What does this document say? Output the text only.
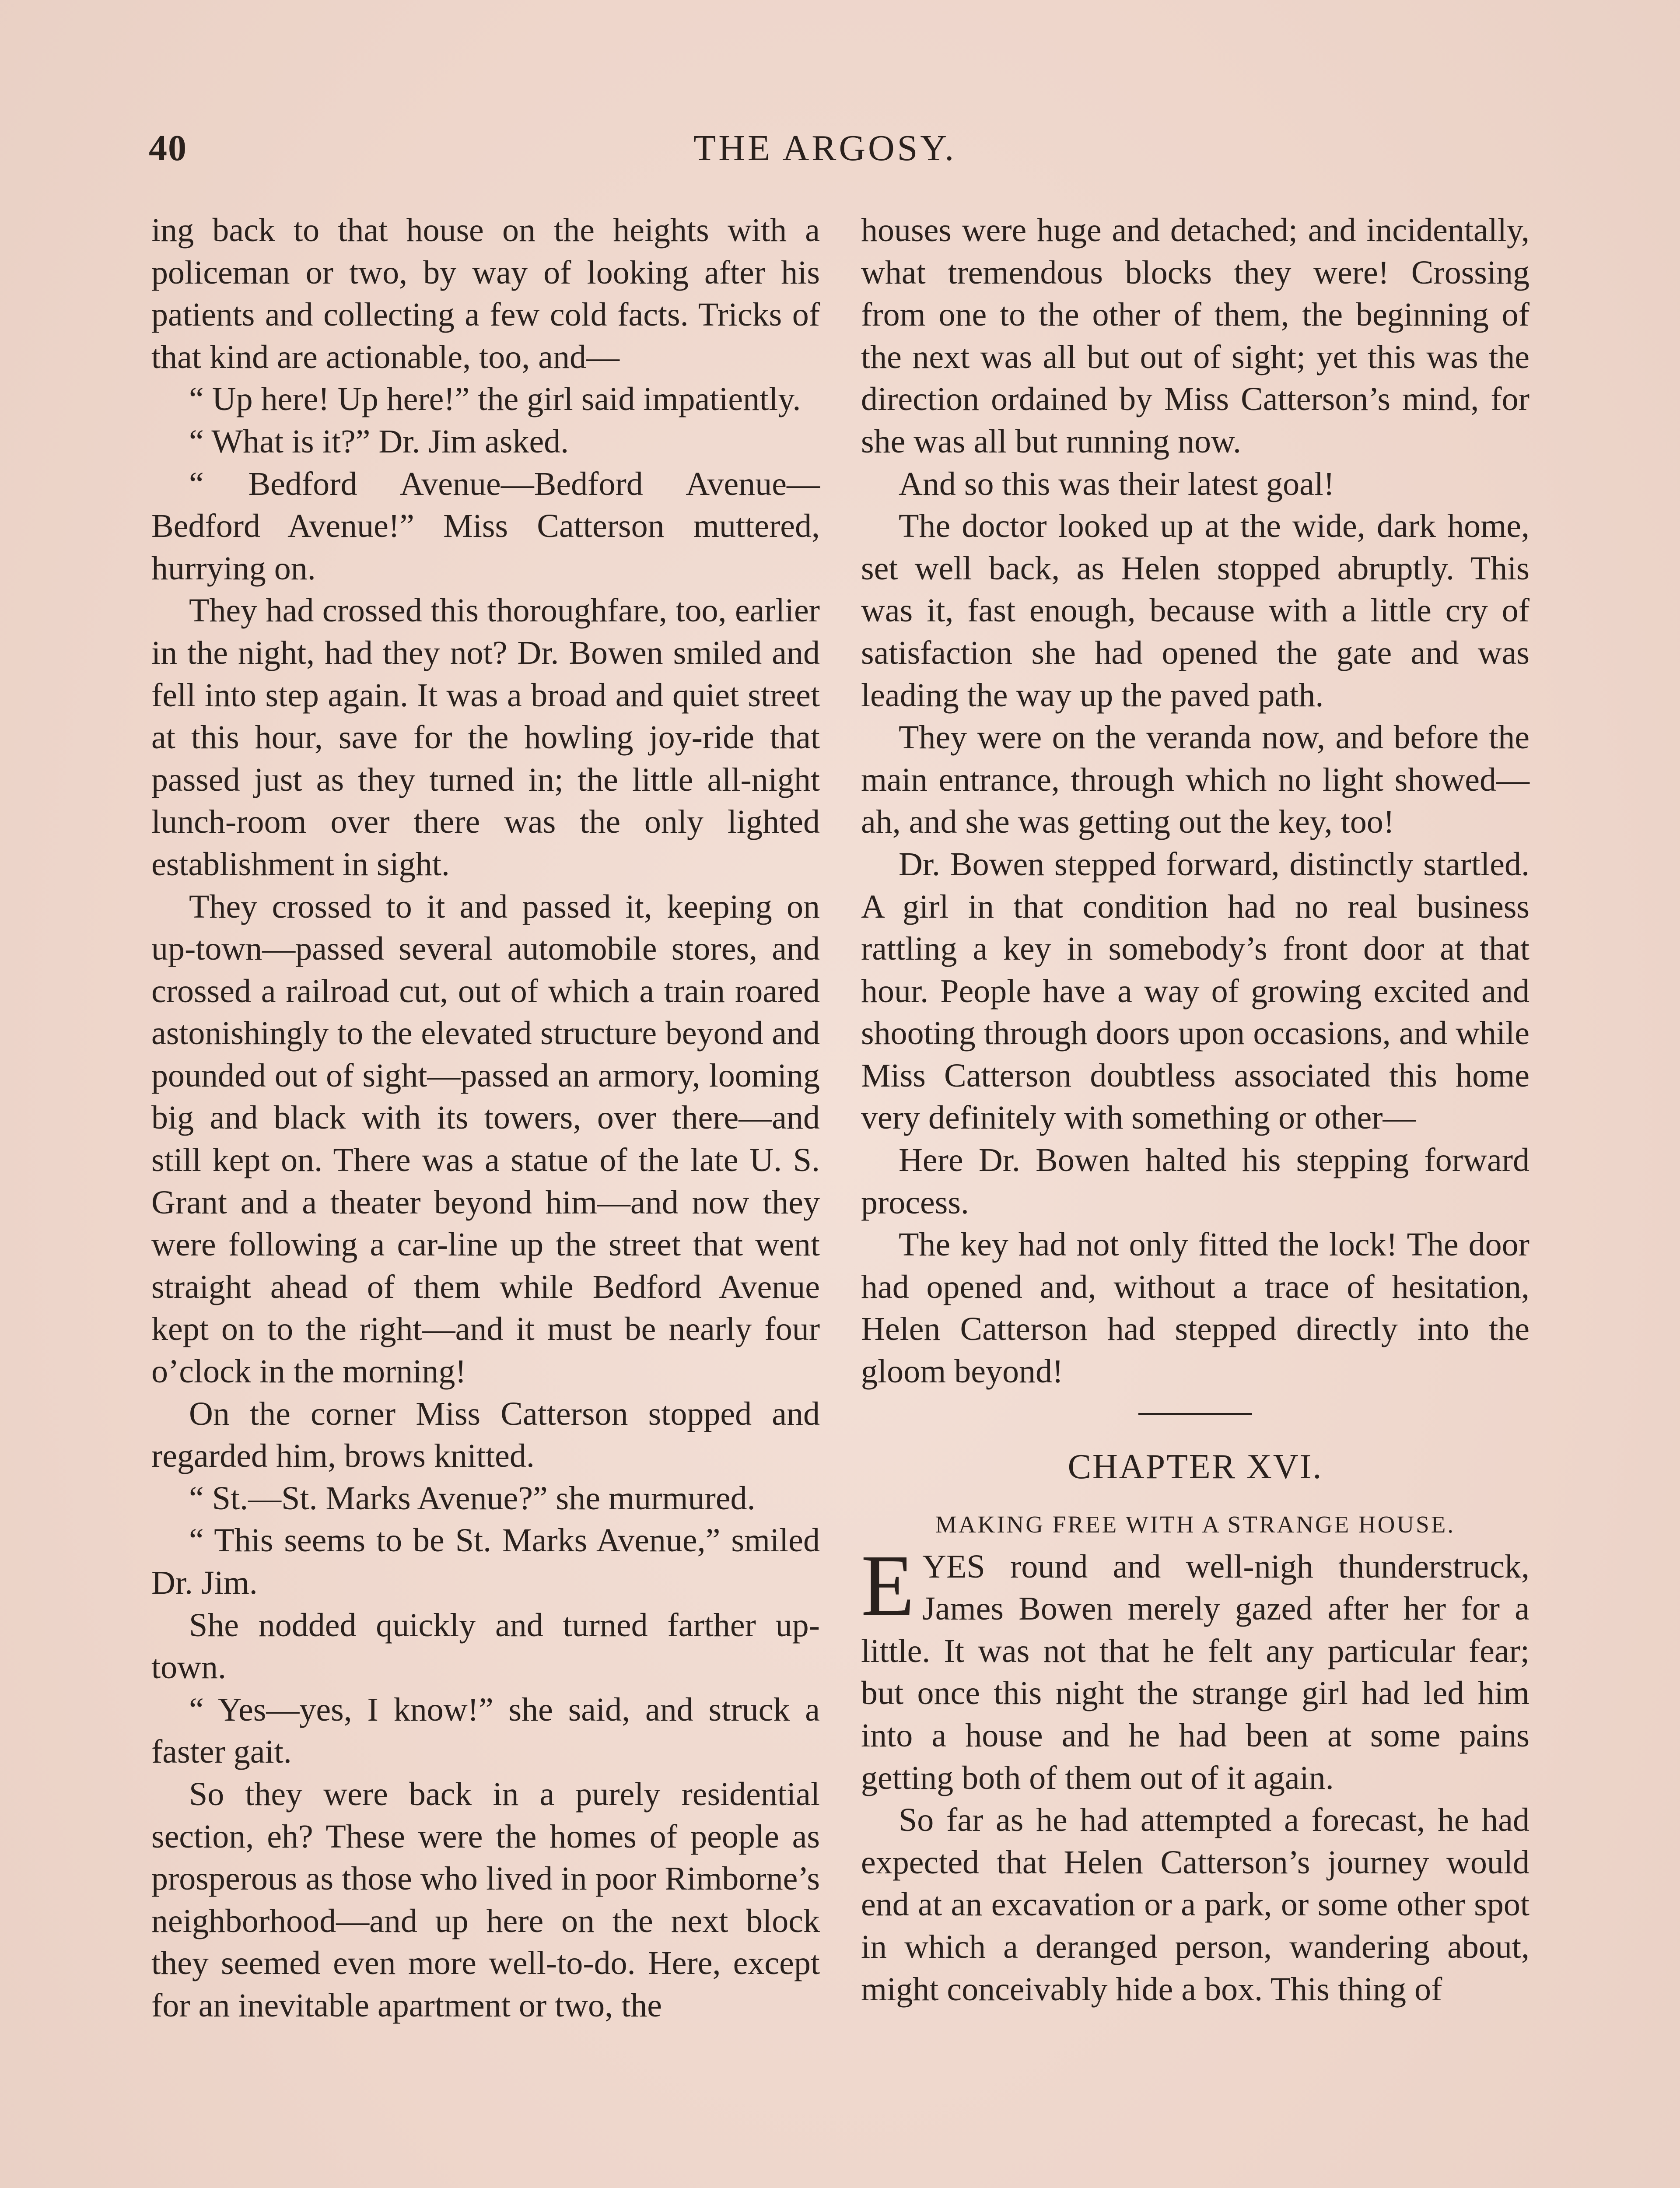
40	THE ARGOSY.

ing back to that house on the heights with a policeman or two, by way of looking after his patients and collecting a few cold facts. Tricks of that kind are actionable, too, and—

“ Up here! Up here!” the girl said impatiently.

“ What is it?” Dr. Jim asked.

“ Bedford Avenue—Bedford Avenue—Bedford Avenue!” Miss Catterson muttered, hurrying on.

They had crossed this thoroughfare, too, earlier in the night, had they not? Dr. Bowen smiled and fell into step again. It was a broad and quiet street at this hour, save for the howling joy-ride that passed just as they turned in; the little all-night lunch-room over there was the only lighted establishment in sight.

They crossed to it and passed it, keeping on up-town—passed several automobile stores, and crossed a railroad cut, out of which a train roared astonishingly to the elevated structure beyond and pounded out of sight—passed an armory, looming big and black with its towers, over there—and still kept on. There was a statue of the late U. S. Grant and a theater beyond him—and now they were following a car-line up the street that went straight ahead of them while Bedford Avenue kept on to the right—and it must be nearly four o’clock in the morning!

On the corner Miss Catterson stopped and regarded him, brows knitted.

“ St.—St. Marks Avenue?” she murmured.

“ This seems to be St. Marks Avenue,” smiled Dr. Jim.

She nodded quickly and turned farther up-town.

“ Yes—yes, I know!” she said, and struck a faster gait.

So they were back in a purely residential section, eh? These were the homes of people as prosperous as those who lived in poor Rimborne’s neighborhood—and up here on the next block they seemed even more well-to-do. Here, except for an inevitable apartment or two, the

houses were huge and detached; and incidentally, what tremendous blocks they were! Crossing from one to the other of them, the beginning of the next was all but out of sight; yet this was the direction ordained by Miss Catterson’s mind, for she was all but running now.

And so this was their latest goal!

The doctor looked up at the wide, dark home, set well back, as Helen stopped abruptly. This was it, fast enough, because with a little cry of satisfaction she had opened the gate and was leading the way up the paved path.

They were on the veranda now, and before the main entrance, through which no light showed—ah, and she was getting out the key, too!

Dr. Bowen stepped forward, distinctly startled. A girl in that condition had no real business rattling a key in somebody’s front door at that hour. People have a way of growing excited and shooting through doors upon occasions, and while Miss Catterson doubtless associated this home very definitely with something or other—

Here Dr. Bowen halted his stepping forward process.

The key had not only fitted the lock! The door had opened and, without a trace of hesitation, Helen Catterson had stepped directly into the gloom beyond!

CHAPTER XVI.
MAKING FREE WITH A STRANGE HOUSE.

EYES round and well-nigh thunderstruck, James Bowen merely gazed after her for a little. It was not that he felt any particular fear; but once this night the strange girl had led him into a house and he had been at some pains getting both of them out of it again.

So far as he had attempted a forecast, he had expected that Helen Catterson’s journey would end at an excavation or a park, or some other spot in which a deranged person, wandering about, might conceivably hide a box. This thing of
